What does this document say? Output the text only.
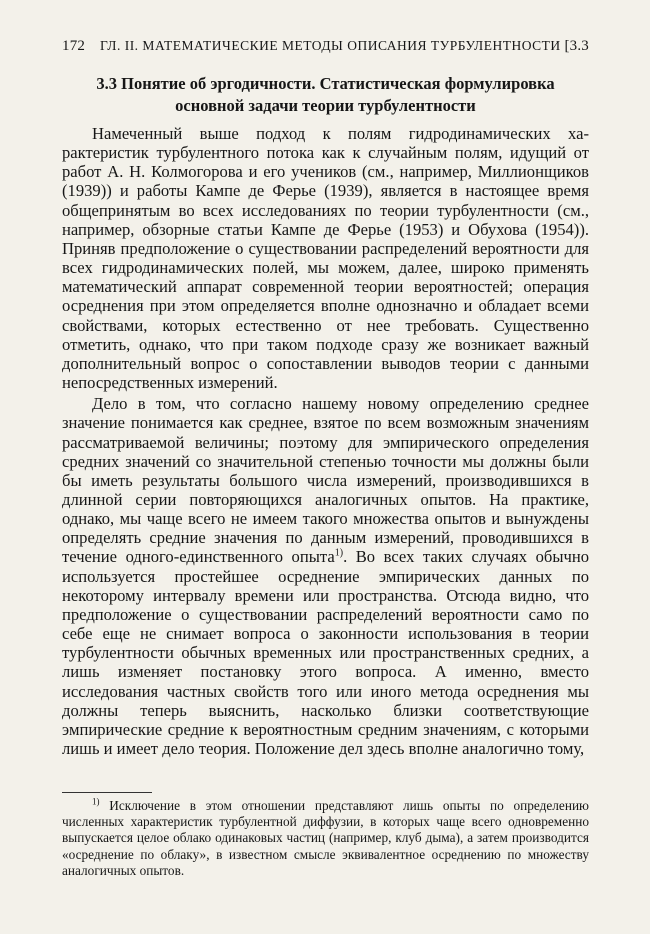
172 ГЛ. II. МАТЕМАТИЧЕСКИЕ МЕТОДЫ ОПИСАНИЯ ТУРБУЛЕНТНОСТИ [3.3
3.3 Понятие об эргодичности. Статистическая формулировка
основной задачи теории турбулентности

Намеченный выше подход к полям гидродинамических характеристик турбулентного потока как к случайным полям, идущий от работ А. Н. Колмогорова и его учеников (см., например, Миллионщиков (1939)) и работы Кампе де Ферье (1939), является в настоящее время общепринятым во всех исследованиях по теории турбулентности (см., например, обзорные статьи Кампе де Ферье (1953) и Обухова (1954)). Приняв предположение о существовании распределений вероятности для всех гидродинамических полей, мы можем, далее, широко применять математический аппарат современной теории вероятностей; операция осреднения при этом определяется вполне однозначно и обладает всеми свойствами, которых естественно от нее требовать. Существенно отметить, однако, что при таком подходе сразу же возникает важный дополнительный вопрос о сопоставлении выводов теории с данными непосредственных измерений.

Дело в том, что согласно нашему новому определению среднее значение понимается как среднее, взятое по всем возможным значениям рассматриваемой величины; поэтому для эмпирического определения средних значений со значительной степенью точности мы должны были бы иметь результаты большого числа измерений, производившихся в длинной серии повторяющихся аналогичных опытов. На практике, однако, мы чаще всего не имеем такого множества опытов и вынуждены определять средние значения по данным измерений, проводившихся в течение одного-единственного опыта$^{1)}$. Во всех таких случаях обычно используется простейшее осреднение эмпирических данных по некоторому интервалу времени или пространства. Отсюда видно, что предположение о существовании распределений вероятности само по себе еще не снимает вопроса о законности использования в теории турбулентности обычных временных или пространственных средних, а лишь изменяет постановку этого вопроса. А именно, вместо исследования частных свойств того или иного метода осреднения мы должны теперь выяснить, насколько близки соответствующие эмпирические средние к вероятностным средним значениям, с которыми лишь и имеет дело теория. Положение дел здесь вполне аналогично тому,

$^{1)}$ Исключение в этом отношении представляют лишь опыты по определению численных характеристик турбулентной диффузии, в которых чаще всего одновременно выпускается целое облако одинаковых частиц (например, клуб дыма), а затем производится «осреднение по облаку», в известном смысле эквивалентное осреднению по множеству аналогичных опытов.
